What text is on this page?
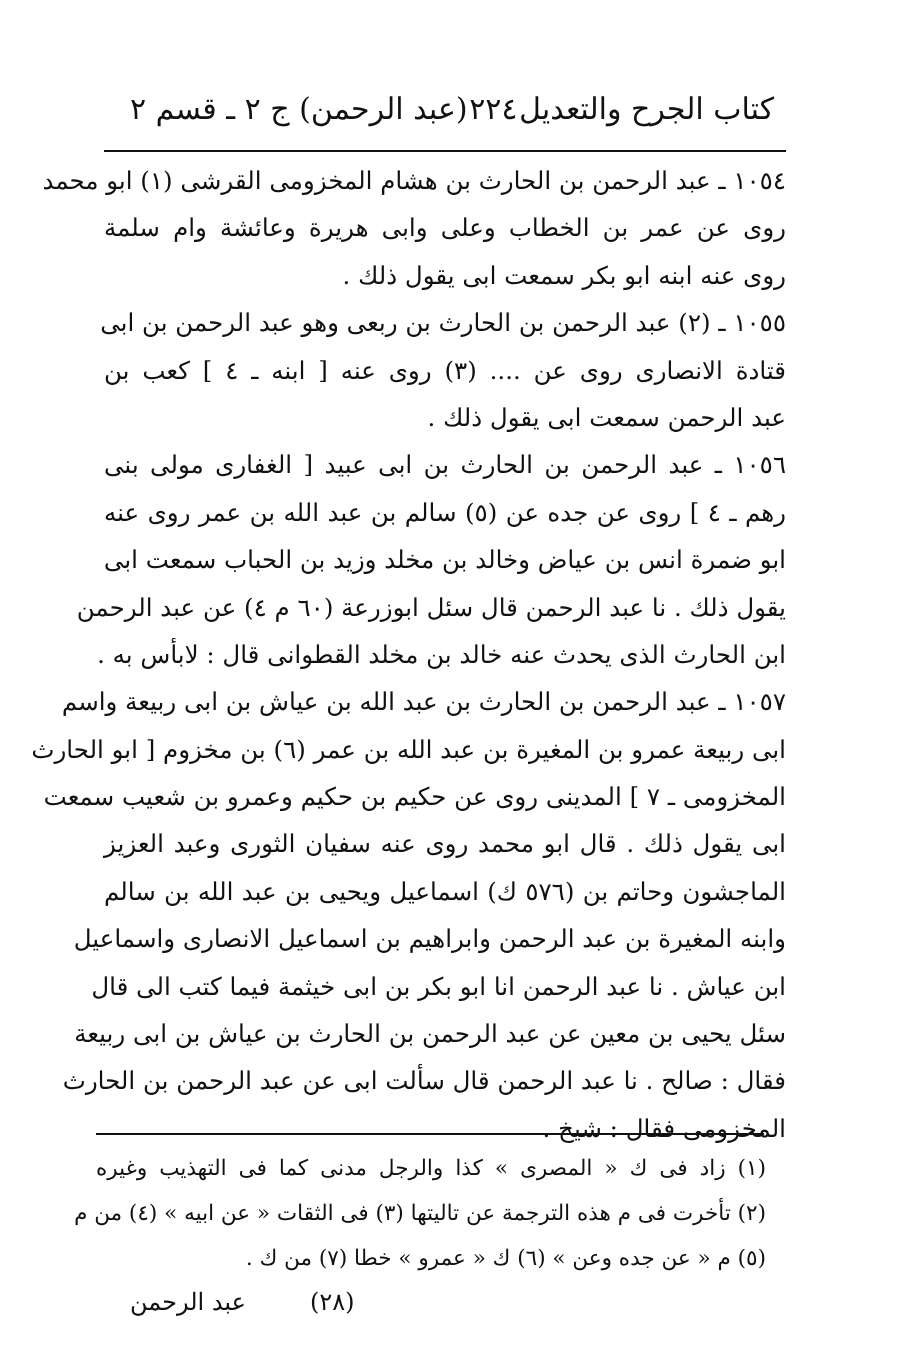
كتاب الجرح والتعديل
٢٢٤
(عبد الرحمن) ج ٢ ـ قسم ٢
١٠٥٤ ـ عبد الرحمن بن الحارث بن هشام المخزومى القرشى (١) ابو محمد
روى عن عمر بن الخطاب وعلى وابى هريرة وعائشة وام سلمة
روى عنه ابنه ابو بكر سمعت ابى يقول ذلك .
١٠٥٥ ـ (٢) عبد الرحمن بن الحارث بن ربعى وهو عبد الرحمن بن ابى
قتادة الانصارى روى عن .... (٣) روى عنه [ ابنه ـ ٤ ] كعب بن
عبد الرحمن سمعت ابى يقول ذلك .
١٠٥٦ ـ عبد الرحمن بن الحارث بن ابى عبيد [ الغفارى مولى بنى
رهم ـ ٤ ] روى عن جده عن (٥) سالم بن عبد الله بن عمر روى عنه
ابو ضمرة انس بن عياض وخالد بن مخلد وزيد بن الحباب سمعت ابى
يقول ذلك . نا عبد الرحمن قال سئل ابوزرعة (٦٠ م ٤) عن عبد الرحمن
ابن الحارث الذى يحدث عنه خالد بن مخلد القطوانى قال : لابأس به .
١٠٥٧ ـ عبد الرحمن بن الحارث بن عبد الله بن عياش بن ابى ربيعة واسم
ابى ربيعة عمرو بن المغيرة بن عبد الله بن عمر (٦) بن مخزوم [ ابو الحارث
المخزومى ـ ٧ ] المدينى روى عن حكيم بن حكيم وعمرو بن شعيب سمعت
ابى يقول ذلك . قال ابو محمد روى عنه سفيان الثورى وعبد العزيز
الماجشون وحاتم بن (٥٧٦ ك) اسماعيل ويحيى بن عبد الله بن سالم
وابنه المغيرة بن عبد الرحمن وابراهيم بن اسماعيل الانصارى واسماعيل
ابن عياش . نا عبد الرحمن انا ابو بكر بن ابى خيثمة فيما كتب الى قال
سئل يحيى بن معين عن عبد الرحمن بن الحارث بن عياش بن ابى ربيعة
فقال : صالح . نا عبد الرحمن قال سألت ابى عن عبد الرحمن بن الحارث
المخزومى فقال : شيخ .
(١) زاد فى ك « المصرى » كذا والرجل مدنى كما فى التهذيب وغيره
(٢) تأخرت فى م هذه الترجمة عن تاليتها (٣) فى الثقات « عن ابيه » (٤) من م
(٥) م « عن جده وعن » (٦) ك « عمرو » خطا (٧) من ك .
(٢٨)
عبد الرحمن
